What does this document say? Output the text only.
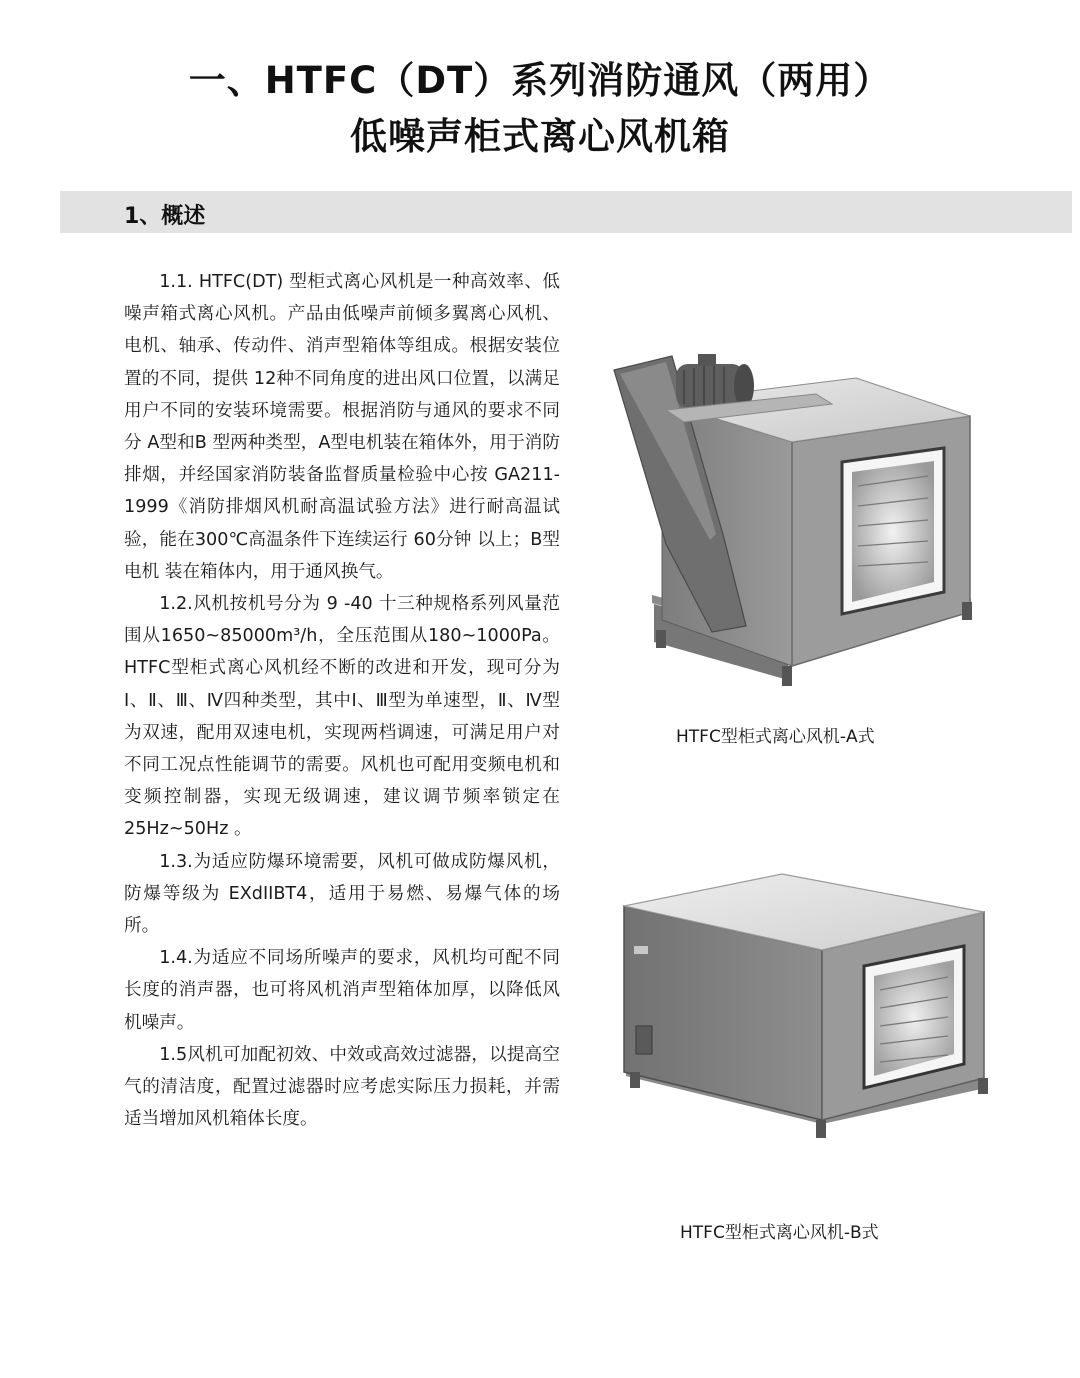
一、HTFC（DT）系列消防通风（两用）
低噪声柜式离心风机箱
1、概述

1.1. HTFC(DT) 型柜式离心风机是一种高效率、低噪声箱式离心风机。产品由低噪声前倾多翼离心风机、电机、轴承、传动件、消声型箱体等组成。根据安装位置的不同，提供 12种不同角度的进出风口位置，以满足用户不同的安装环境需要。根据消防与通风的要求不同分 A型和B 型两种类型，A型电机装在箱体外，用于消防排烟，并经国家消防装备监督质量检验中心按 GA211-1999《消防排烟风机耐高温试验方法》进行耐高温试验，能在300℃高温条件下连续运行 60分钟 以上；B型电机 装在箱体内，用于通风换气。

1.2.风机按机号分为 9 -40 十三种规格系列风量范围从1650~85000m³/h，全压范围从180~1000Pa。HTFC型柜式离心风机经不断的改进和开发，现可分为Ⅰ、Ⅱ、Ⅲ、Ⅳ四种类型，其中Ⅰ、Ⅲ型为单速型，Ⅱ、Ⅳ型为双速，配用双速电机，实现两档调速，可满足用户对不同工况点性能调节的需要。风机也可配用变频电机和变频控制器，实现无级调速，建议调节频率锁定在25Hz~50Hz 。

1.3.为适应防爆环境需要，风机可做成防爆风机，防爆等级为 EXdIIBT4，适用于易燃、易爆气体的场所。

1.4.为适应不同场所噪声的要求，风机均可配不同长度的消声器，也可将风机消声型箱体加厚，以降低风机噪声。

1.5风机可加配初效、中效或高效过滤器，以提高空气的清洁度，配置过滤器时应考虑实际压力损耗，并需适当增加风机箱体长度。

HTFC型柜式离心风机-A式
HTFC型柜式离心风机-B式
